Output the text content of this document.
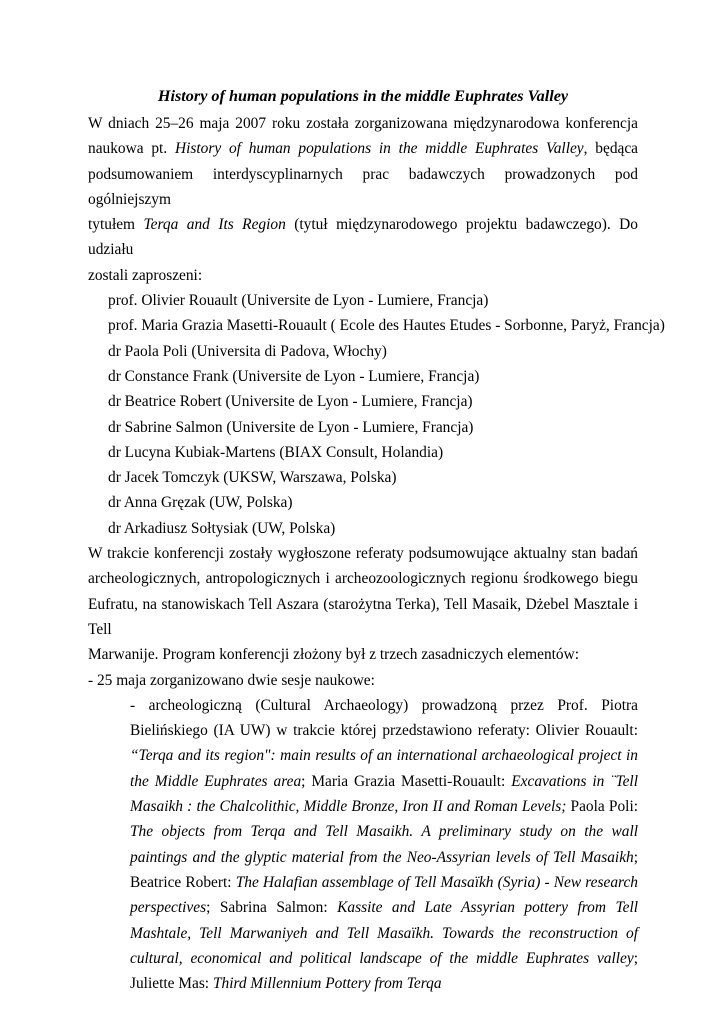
History of human populations in the middle Euphrates Valley
W dniach 25–26 maja 2007 roku została zorganizowana międzynarodowa konferencja
naukowa pt. History of human populations in the middle Euphrates Valley, będąca
podsumowaniem interdyscyplinarnych prac badawczych prowadzonych pod ogólniejszym
tytułem Terqa and Its Region (tytuł międzynarodowego projektu badawczego). Do udziału
zostali zaproszeni:
prof. Olivier Rouault (Universite de Lyon - Lumiere, Francja)
prof. Maria Grazia Masetti-Rouault ( Ecole des Hautes Etudes - Sorbonne, Paryż, Francja)
dr Paola Poli (Universita di Padova, Włochy)
dr Constance Frank (Universite de Lyon - Lumiere, Francja)
dr Beatrice Robert (Universite de Lyon - Lumiere, Francja)
dr Sabrine Salmon (Universite de Lyon - Lumiere, Francja)
dr Lucyna Kubiak-Martens (BIAX Consult, Holandia)
dr Jacek Tomczyk (UKSW, Warszawa, Polska)
dr Anna Gręzak (UW, Polska)
dr Arkadiusz Sołtysiak (UW, Polska)
W trakcie konferencji zostały wygłoszone referaty podsumowujące aktualny stan badań
archeologicznych, antropologicznych i archeozoologicznych regionu środkowego biegu
Eufratu, na stanowiskach Tell Aszara (starożytna Terka), Tell Masaik, Dżebel Masztale i Tell
Marwanije. Program konferencji złożony był z trzech zasadniczych elementów:

- 25 maja zorganizowano dwie sesje naukowe:

- archeologiczną (Cultural Archaeology) prowadzoną przez Prof. Piotra Bielińskiego (IA UW) w trakcie której przedstawiono referaty: Olivier Rouault: “Terqa and its region": main results of an international archaeological project in the Middle Euphrates area; Maria Grazia Masetti-Rouault: Excavations in ¨Tell Masaikh : the Chalcolithic, Middle Bronze, Iron II and Roman Levels; Paola Poli: The objects from Terqa and Tell Masaikh. A preliminary study on the wall paintings and the glyptic material from the Neo-Assyrian levels of Tell Masaikh; Beatrice Robert: The Halafian assemblage of Tell Masaïkh (Syria) - New research perspectives; Sabrina Salmon: Kassite and Late Assyrian pottery from Tell Mashtale, Tell Marwaniyeh and Tell Masaïkh. Towards the reconstruction of cultural, economical and political landscape of the middle Euphrates valley; Juliette Mas: Third Millennium Pottery from Terqa
